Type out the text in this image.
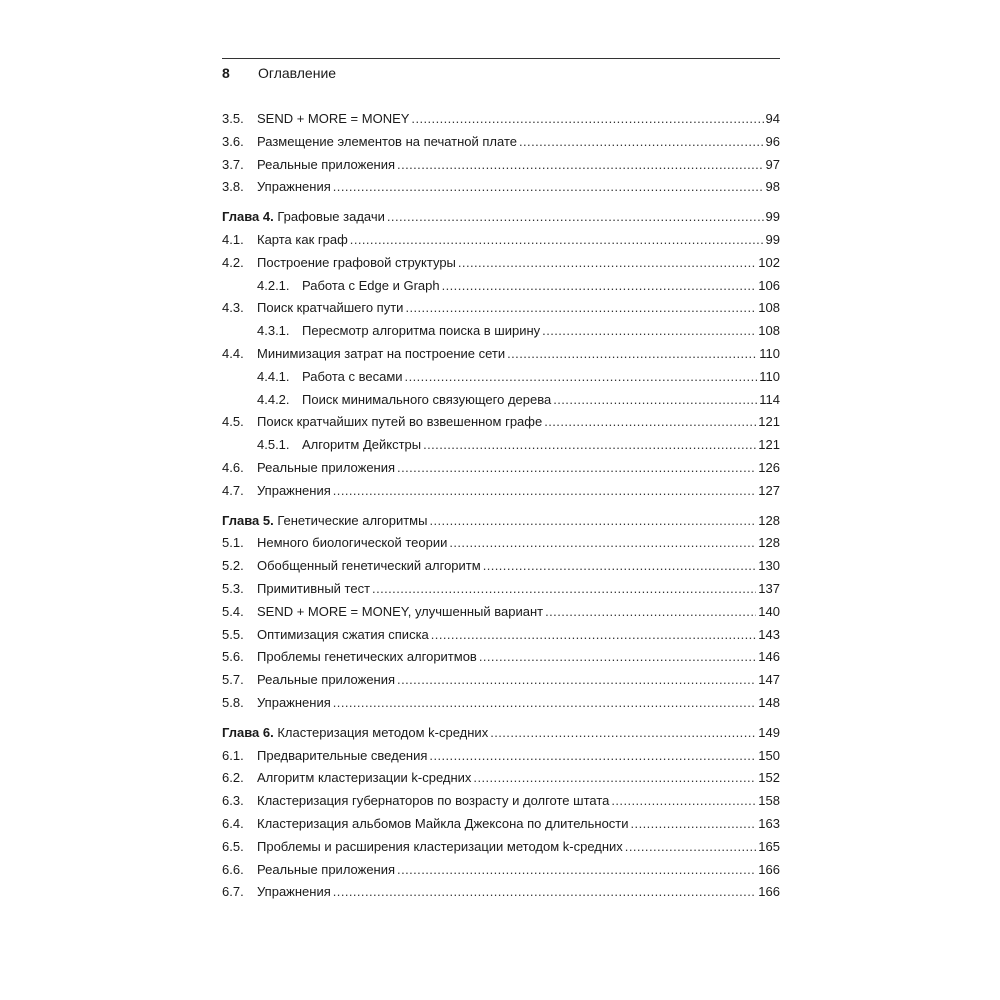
8 Оглавление
3.5.	SEND + MORE = MONEY . . .	94
3.6.	Размещение элементов на печатной плате . . .	96
3.7.	Реальные приложения . . .	97
3.8.	Упражнения . . .	98
Глава 4. Графовые задачи . . .	99
4.1.	Карта как граф . . .	99
4.2.	Построение графовой структуры . . .	102
4.2.1. Работа с Edge и Graph . . .	106
4.3.	Поиск кратчайшего пути . . .	108
4.3.1. Пересмотр алгоритма поиска в ширину . . .	108
4.4.	Минимизация затрат на построение сети . . .	110
4.4.1. Работа с весами . . .	110
4.4.2. Поиск минимального связующего дерева . . .	114
4.5.	Поиск кратчайших путей во взвешенном графе . . .	121
4.5.1. Алгоритм Дейкстры . . .	121
4.6.	Реальные приложения . . .	126
4.7.	Упражнения . . .	127
Глава 5. Генетические алгоритмы . . .	128
5.1.	Немного биологической теории . . .	128
5.2.	Обобщенный генетический алгоритм . . .	130
5.3.	Примитивный тест . . .	137
5.4.	SEND + MORE = MONEY, улучшенный вариант . . .	140
5.5.	Оптимизация сжатия списка . . .	143
5.6.	Проблемы генетических алгоритмов . . .	146
5.7.	Реальные приложения . . .	147
5.8.	Упражнения . . .	148
Глава 6. Кластеризация методом k-средних . . .	149
6.1.	Предварительные сведения . . .	150
6.2.	Алгоритм кластеризации k-средних . . .	152
6.3.	Кластеризация губернаторов по возрасту и долготе штата . . .	158
6.4.	Кластеризация альбомов Майкла Джексона по длительности . . .	163
6.5.	Проблемы и расширения кластеризации методом k-средних . . .	165
6.6.	Реальные приложения . . .	166
6.7.	Упражнения . . .	166
